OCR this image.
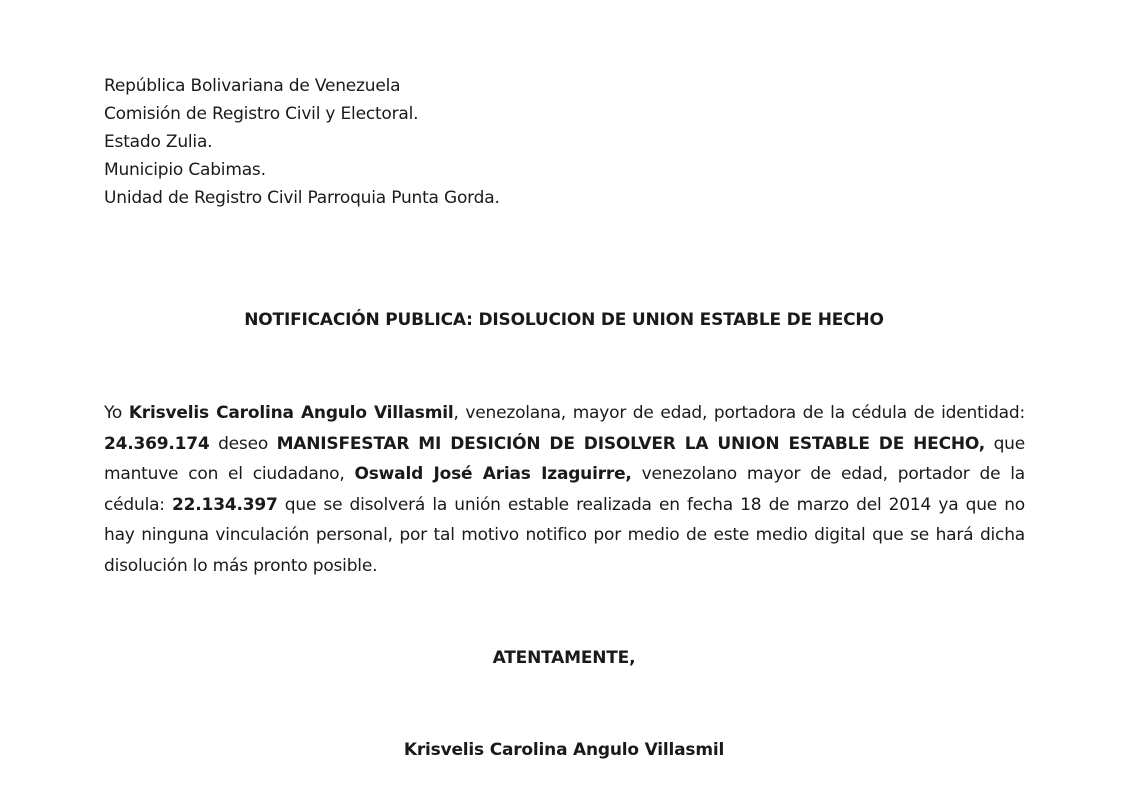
República Bolivariana de Venezuela
Comisión de Registro Civil y Electoral.
Estado Zulia.
Municipio Cabimas.
Unidad de Registro Civil Parroquia Punta Gorda.
NOTIFICACIÓN PUBLICA: DISOLUCION DE UNION ESTABLE DE HECHO
Yo Krisvelis Carolina Angulo Villasmil, venezolana, mayor de edad, portadora de la cédula de identidad: 24.369.174 deseo MANISFESTAR MI DESICIÓN DE DISOLVER LA UNION ESTABLE DE HECHO, que mantuve con el ciudadano, Oswald José Arias Izaguirre, venezolano mayor de edad, portador de la cédula: 22.134.397 que se disolverá la unión estable realizada en fecha 18 de marzo del 2014 ya que no hay ninguna vinculación personal, por tal motivo notifico por medio de este medio digital que se hará dicha disolución lo más pronto posible.
ATENTAMENTE,
Krisvelis Carolina Angulo Villasmil
